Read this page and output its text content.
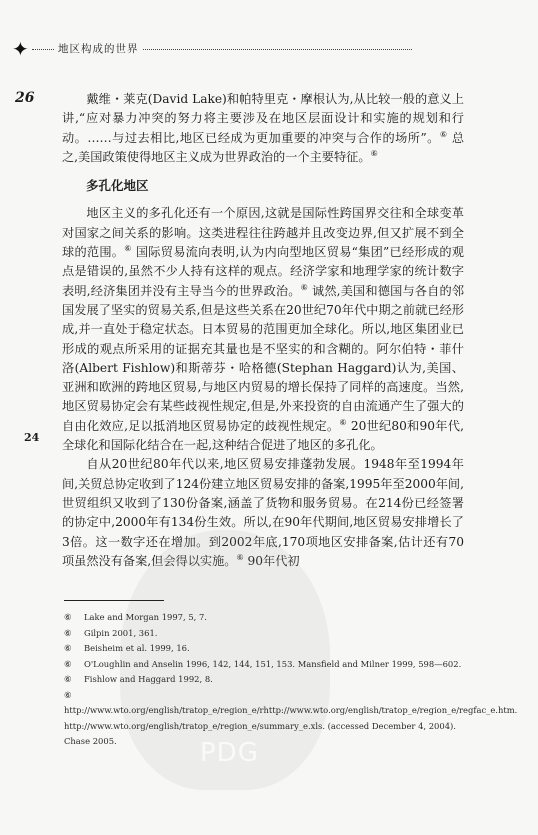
✦	地区构成的世界
26	戴维・莱克(David Lake)和帕特里克・摩根认为,从比较一般的意义上讲,“应对暴力冲突的努力将主要涉及在地区层面设计和实施的规划和行动。……与过去相比,地区已经成为更加重要的冲突与合作的场所”。⑥ 总之,美国政策使得地区主义成为世界政治的一个主要特征。⑥

多孔化地区

地区主义的多孔化还有一个原因,这就是国际性跨国界交往和全球变革对国家之间关系的影响。这类进程往往跨越并且改变边界,但又扩展不到全球的范围。⑥ 国际贸易流向表明,认为内向型地区贸易“集团”已经形成的观点是错误的,虽然不少人持有这样的观点。经济学家和地理学家的统计数字表明,经济集团并没有主导当今的世界政治。⑥ 诚然,美国和德国与各自的邻国发展了坚实的贸易关系,但是这些关系在20世纪70年代中期之前就已经形成,并一直处于稳定状态。日本贸易的范围更加全球化。所以,地区集团业已形成的观点所采用的证据充其量也是不坚实的和含糊的。阿尔伯特・菲什洛(Albert Fishlow)和斯蒂芬・哈格德(Stephan Haggard)认为,美国、亚洲和欧洲的跨地区贸易,与地区内贸易的增长保持了同样的高速度。当然,地区贸易协定会有某些歧视性规定,但是,外来投资的自由流通产生了强大的自由化效应,足以抵消地区贸易协定的歧视性规定。⑥ 20世纪80和90年代,全球化和国际化结合在一起,这种结合促进了地区的多孔化。

自从20世纪80年代以来,地区贸易安排蓬勃发展。1948年至1994年间,关贸总协定收到了124份建立地区贸易安排的备案,1995年至2000年间,世贸组织又收到了130份备案,涵盖了货物和服务贸易。在214份已经签署的协定中,2000年有134份生效。所以,在90年代期间,地区贸易安排增长了3倍。这一数字还在增加。到2002年底,170项地区安排备案,估计还有70项虽然没有备案,但会得以实施。⑥ 90年代初

24
PDG
⑥ Lake and Morgan 1997, 5, 7.
⑥ Gilpin 2001, 361.
⑥ Beisheim et al. 1999, 16.
⑥ O'Loughlin and Anselin 1996, 142, 144, 151, 153. Mansfield and Milner 1999, 598—602.
⑥ Fishlow and Haggard 1992, 8.
⑥http://www.wto.org/english/tratop_e/region_e/rhttp://www.wto.org/english/tratop_e/region_e/regfac_e.htm. http://www.wto.org/english/tratop_e/region_e/summary_e.xls. (accessed December 4, 2004). Chase 2005.
